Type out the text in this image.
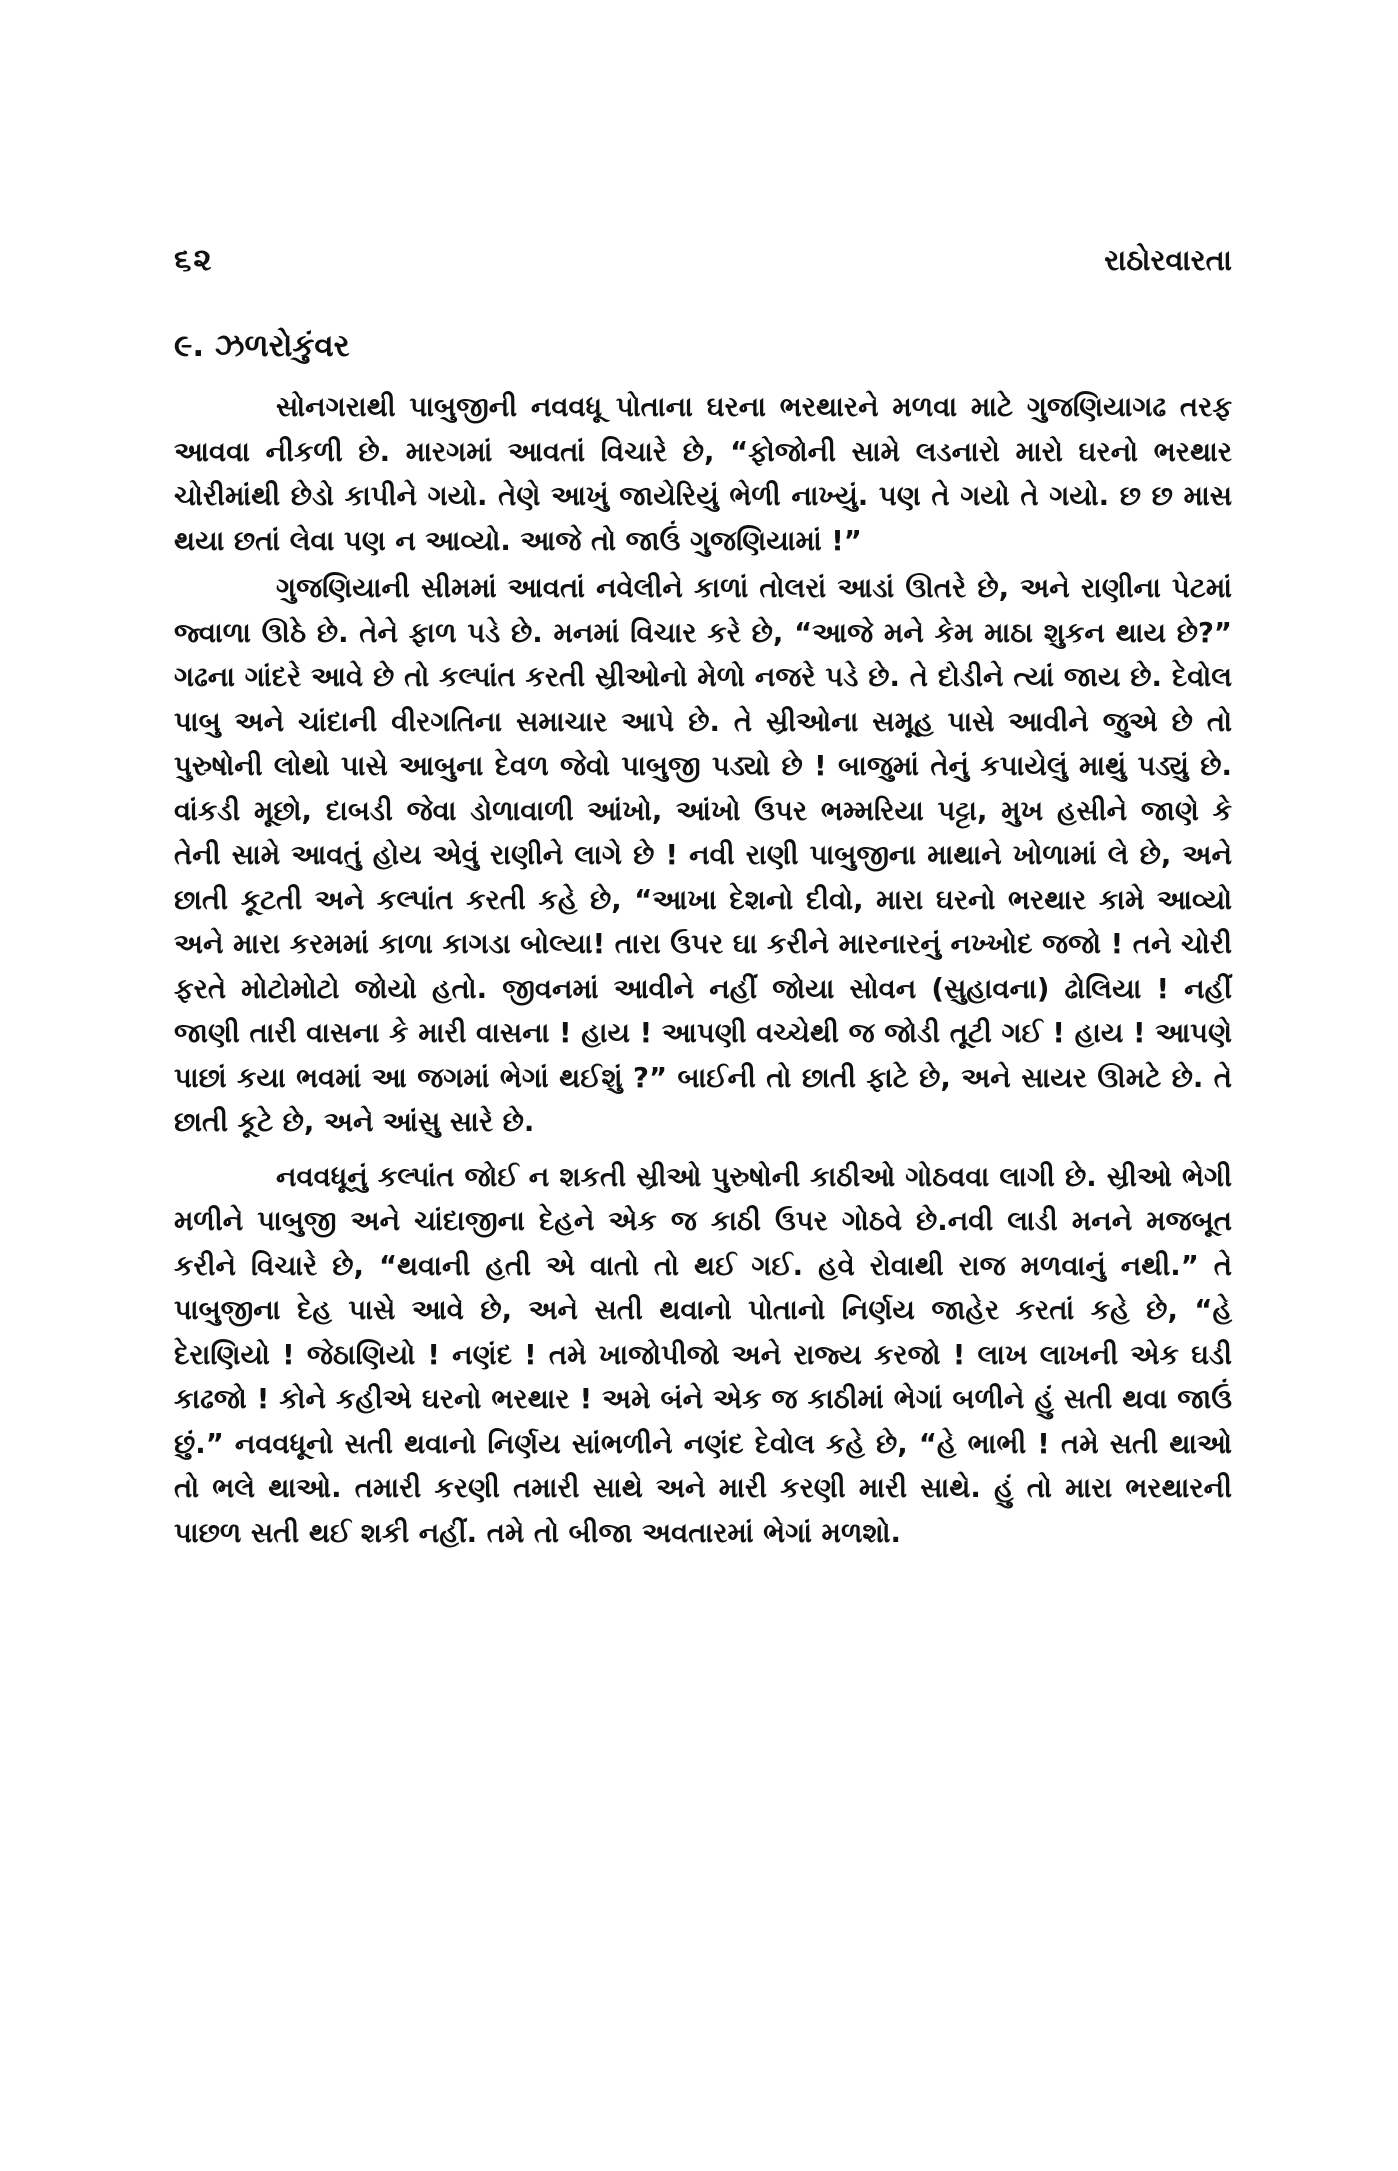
૬૨	રાઠોરવારતા
૯. ઝળરોકુંવર

સોનગરાથી પાબુજીની નવવધૂ પોતાના ઘરના ભરથારને મળવા માટે ગુજણિયાગઢ તરફ આવવા નીકળી છે. મારગમાં આવતાં વિચારે છે, “ફોજોની સામે લડનારો મારો ઘરનો ભરથાર ચોરીમાંથી છેડો કાપીને ગયો. તેણે આખું જાયેરિયું ભેળી નાખ્યું. પણ તે ગયો તે ગયો. છ છ માસ થયા છતાં લેવા પણ ન આવ્યો. આજે તો જાઉં ગુજણિયામાં !”

ગુજણિયાની સીમમાં આવતાં નવેલીને કાળાં તોલરાં આડાં ઊતરે છે, અને રાણીના પેટમાં જ્વાળા ઊઠે છે. તેને ફાળ પડે છે. મનમાં વિચાર કરે છે, “આજે મને કેમ માઠા શુકન થાય છે?” ગઢના ગાંદરે આવે છે તો કલ્પાંત કરતી સ્રીઓનો મેળો નજરે પડે છે. તે દોડીને ત્યાં જાય છે. દેવોલ પાબુ અને ચાંદાની વીરગતિના સમાચાર આપે છે. તે સ્રીઓના સમૂહ પાસે આવીને જુએ છે તો પુરુષોની લોથો પાસે આબુના દેવળ જેવો પાબુજી પડ્યો છે ! બાજુમાં તેનું કપાયેલું માથું પડ્યું છે. વાંકડી મૂછો, દાબડી જેવા ડોળાવાળી આંખો, આંખો ઉપર ભમ્મરિયા પટ્ટા, મુખ હસીને જાણે કે તેની સામે આવતું હોય એવું રાણીને લાગે છે ! નવી રાણી પાબુજીના માથાને ખોળામાં લે છે, અને છાતી કૂટતી અને કલ્પાંત કરતી કહે છે, “આખા દેશનો દીવો, મારા ઘરનો ભરથાર કામે આવ્યો અને મારા કરમમાં કાળા કાગડા બોલ્યા! તારા ઉપર ઘા કરીને મારનારનું નખ્ખોદ જજો ! તને ચોરી ફરતે મોટોમોટો જોયો હતો. જીવનમાં આવીને નહીં જોયા સોવન (સુહાવના) ઢોલિયા ! નહીં જાણી તારી વાસના કે મારી વાસના ! હાય ! આપણી વચ્ચેથી જ જોડી તૂટી ગઈ ! હાય ! આપણે પાછાં કયા ભવમાં આ જગમાં ભેગાં થઈશું ?” બાઈની તો છાતી ફાટે છે, અને સાયર ઊમટે છે. તે છાતી કૂટે છે, અને આંસુ સારે છે.

નવવધૂનું કલ્પાંત જોઈ ન શકતી સ્રીઓ પુરુષોની કાઠીઓ ગોઠવવા લાગી છે. સ્રીઓ ભેગી મળીને પાબુજી અને ચાંદાજીના દેહને એક જ કાઠી ઉપર ગોઠવે છે.નવી લાડી મનને મજબૂત કરીને વિચારે છે, “થવાની હતી એ વાતો તો થઈ ગઈ. હવે રોવાથી રાજ મળવાનું નથી.” તે પાબુજીના દેહ પાસે આવે છે, અને સતી થવાનો પોતાનો નિર્ણય જાહેર કરતાં કહે છે, “હે દેરાણિયો ! જેઠાણિયો ! નણંદ ! તમે ખાજોપીજો અને રાજ્ય કરજો ! લાખ લાખની એક ઘડી કાઢજો ! કોને કહીએ ઘરનો ભરથાર ! અમે બંને એક જ કાઠીમાં ભેગાં બળીને હું સતી થવા જાઉં છું.” નવવધૂનો સતી થવાનો નિર્ણય સાંભળીને નણંદ દેવોલ કહે છે, “હે ભાભી ! તમે સતી થાઓ તો ભલે થાઓ. તમારી કરણી તમારી સાથે અને મારી કરણી મારી સાથે. હું તો મારા ભરથારની પાછળ સતી થઈ શકી નહીં. તમે તો બીજા અવતારમાં ભેગાં મળશો.
